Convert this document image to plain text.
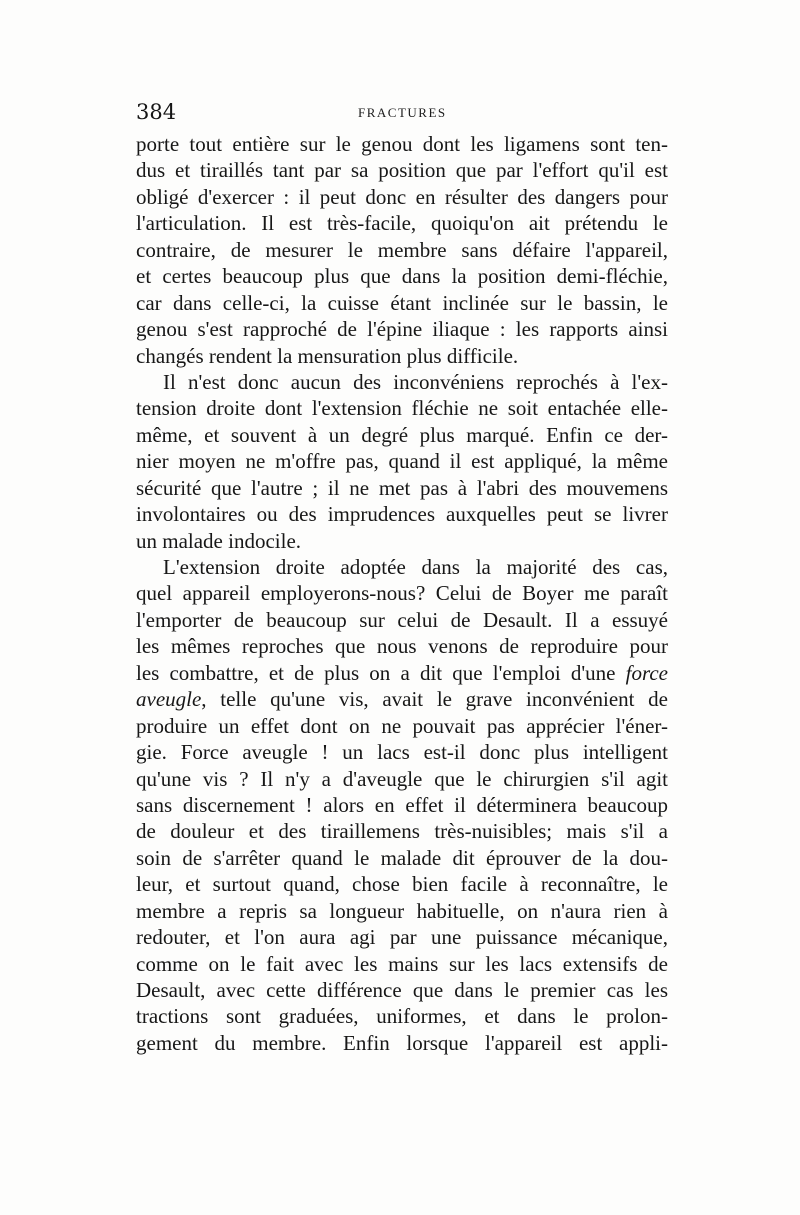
384	FRACTURES
porte tout entière sur le genou dont les ligamens sont ten-
dus et tiraillés tant par sa position que par l'effort qu'il est
obligé d'exercer : il peut donc en résulter des dangers pour
l'articulation. Il est très-facile, quoiqu'on ait prétendu le
contraire, de mesurer le membre sans défaire l'appareil,
et certes beaucoup plus que dans la position demi-fléchie,
car dans celle-ci, la cuisse étant inclinée sur le bassin, le
genou s'est rapproché de l'épine iliaque : les rapports ainsi
changés rendent la mensuration plus difficile.
Il n'est donc aucun des inconvéniens reprochés à l'ex-
tension droite dont l'extension fléchie ne soit entachée elle-
même, et souvent à un degré plus marqué. Enfin ce der-
nier moyen ne m'offre pas, quand il est appliqué, la même
sécurité que l'autre ; il ne met pas à l'abri des mouvemens
involontaires ou des imprudences auxquelles peut se livrer
un malade indocile.
L'extension droite adoptée dans la majorité des cas,
quel appareil employerons-nous? Celui de Boyer me paraît
l'emporter de beaucoup sur celui de Desault. Il a essuyé
les mêmes reproches que nous venons de reproduire pour
les combattre, et de plus on a dit que l'emploi d'une force
aveugle, telle qu'une vis, avait le grave inconvénient de
produire un effet dont on ne pouvait pas apprécier l'éner-
gie. Force aveugle ! un lacs est-il donc plus intelligent
qu'une vis ? Il n'y a d'aveugle que le chirurgien s'il agit
sans discernement ! alors en effet il déterminera beaucoup
de douleur et des tiraillemens très-nuisibles; mais s'il a
soin de s'arrêter quand le malade dit éprouver de la dou-
leur, et surtout quand, chose bien facile à reconnaître, le
membre a repris sa longueur habituelle, on n'aura rien à
redouter, et l'on aura agi par une puissance mécanique,
comme on le fait avec les mains sur les lacs extensifs de
Desault, avec cette différence que dans le premier cas les
tractions sont graduées, uniformes, et dans le prolon-
gement du membre. Enfin lorsque l'appareil est appli-
